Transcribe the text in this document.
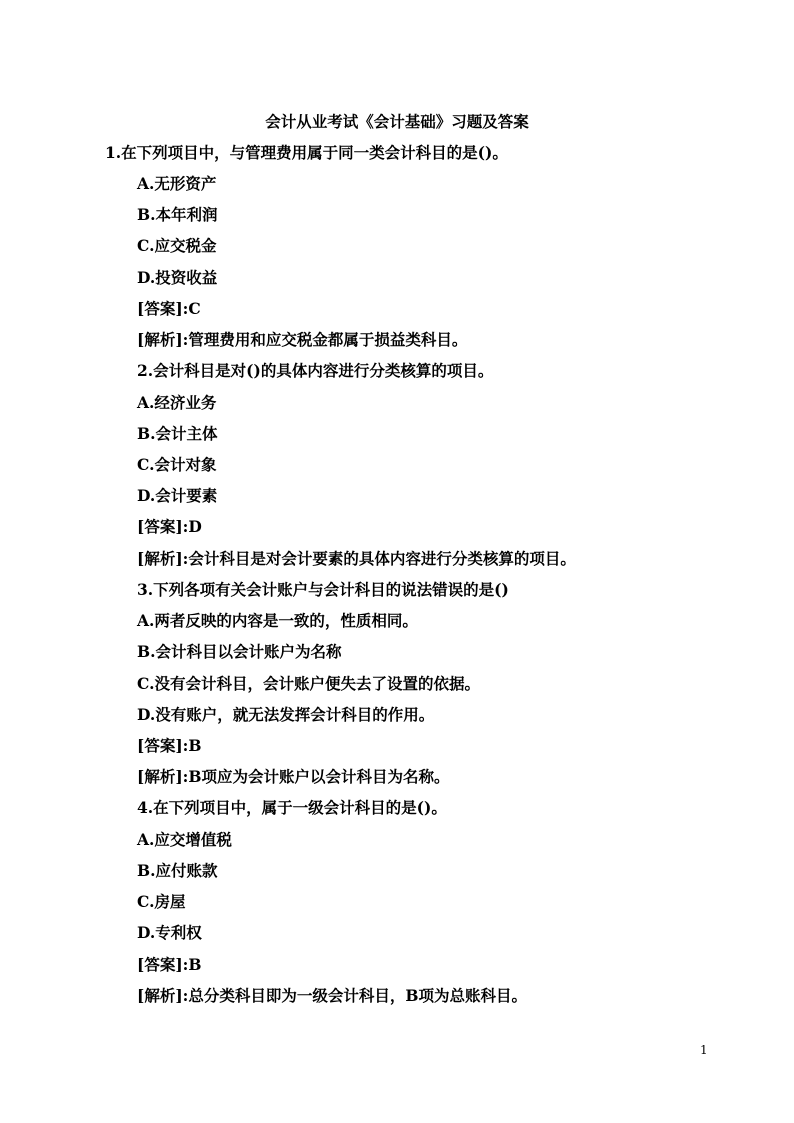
会计从业考试《会计基础》习题及答案
1.在下列项目中，与管理费用属于同一类会计科目的是()。
A.无形资产
B.本年利润
C.应交税金
D.投资收益
[答案]:C
[解析]:管理费用和应交税金都属于损益类科目。
2.会计科目是对()的具体内容进行分类核算的项目。
A.经济业务
B.会计主体
C.会计对象
D.会计要素
[答案]:D
[解析]:会计科目是对会计要素的具体内容进行分类核算的项目。
3.下列各项有关会计账户与会计科目的说法错误的是()
A.两者反映的内容是一致的，性质相同。
B.会计科目以会计账户为名称
C.没有会计科目，会计账户便失去了设置的依据。
D.没有账户，就无法发挥会计科目的作用。
[答案]:B
[解析]:B项应为会计账户以会计科目为名称。
4.在下列项目中，属于一级会计科目的是()。
A.应交增值税
B.应付账款
C.房屋
D.专利权
[答案]:B
[解析]:总分类科目即为一级会计科目，B项为总账科目。
1
